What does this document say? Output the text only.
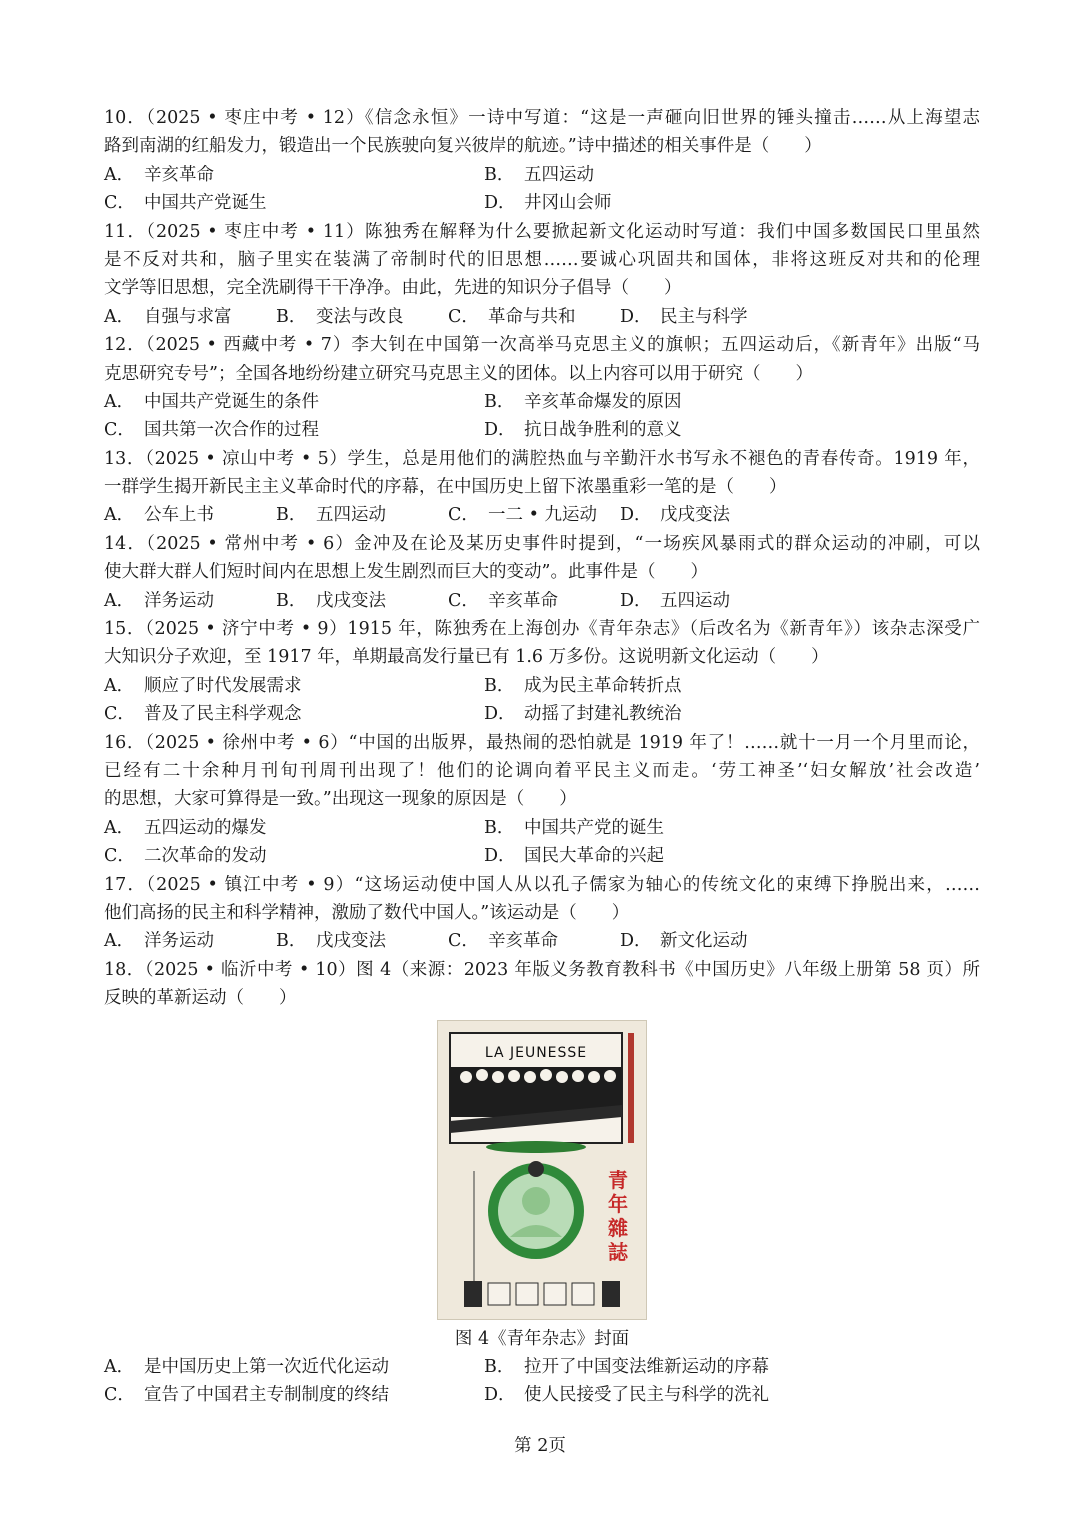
10．（2025 • 枣庄中考 • 12）《信念永恒》一诗中写道：“这是一声砸向旧世界的锤头撞击……从上海望志
路到南湖的红船发力，锻造出一个民族驶向复兴彼岸的航迹。”诗中描述的相关事件是（　　）
A． 辛亥革命	B． 五四运动
C． 中国共产党诞生	D． 井冈山会师
11．（2025 • 枣庄中考 • 11）陈独秀在解释为什么要掀起新文化运动时写道：我们中国多数国民口里虽然
是不反对共和，脑子里实在装满了帝制时代的旧思想……要诚心巩固共和国体，非将这班反对共和的伦理
文学等旧思想，完全洗刷得干干净净。由此，先进的知识分子倡导（　　）
A． 自强与求富	B． 变法与改良	C． 革命与共和	D． 民主与科学
12．（2025 • 西藏中考 • 7）李大钊在中国第一次高举马克思主义的旗帜；五四运动后，《新青年》出版“马
克思研究专号”；全国各地纷纷建立研究马克思主义的团体。以上内容可以用于研究（　　）
A． 中国共产党诞生的条件	B． 辛亥革命爆发的原因
C． 国共第一次合作的过程	D． 抗日战争胜利的意义
13．（2025 • 凉山中考 • 5）学生，总是用他们的满腔热血与辛勤汗水书写永不褪色的青春传奇。1919 年，
一群学生揭开新民主主义革命时代的序幕，在中国历史上留下浓墨重彩一笔的是（　　）
A． 公车上书	B． 五四运动	C． 一二 • 九运动	D． 戊戌变法
14．（2025 • 常州中考 • 6）金冲及在论及某历史事件时提到，“一场疾风暴雨式的群众运动的冲刷，可以
使大群大群人们短时间内在思想上发生剧烈而巨大的变动”。此事件是（　　）
A． 洋务运动	B． 戊戌变法	C． 辛亥革命	D． 五四运动
15．（2025 • 济宁中考 • 9）1915 年，陈独秀在上海创办《青年杂志》（后改名为《新青年》）该杂志深受广
大知识分子欢迎，至 1917 年，单期最高发行量已有 1.6 万多份。这说明新文化运动（　　）
A． 顺应了时代发展需求	B． 成为民主革命转折点
C． 普及了民主科学观念	D． 动摇了封建礼教统治
16．（2025 • 徐州中考 • 6）“中国的出版界，最热闹的恐怕就是 1919 年了！……就十一月一个月里而论，
已经有二十余种月刊旬刊周刊出现了！他们的论调向着平民主义而走。‘劳工神圣’‘妇女解放’社会改造’
的思想，大家可算得是一致。”出现这一现象的原因是（　　）
A． 五四运动的爆发	B． 中国共产党的诞生
C． 二次革命的发动	D． 国民大革命的兴起
17．（2025 • 镇江中考 • 9）“这场运动使中国人从以孔子儒家为轴心的传统文化的束缚下挣脱出来，……
他们高扬的民主和科学精神，激励了数代中国人。”该运动是（　　）
A． 洋务运动	B． 戊戌变法	C． 辛亥革命	D． 新文化运动
18．（2025 • 临沂中考 • 10）图 4（来源：2023 年版义务教育教科书《中国历史》八年级上册第 58 页）所
反映的革新运动（　　）
LA JEUNESSE
青
年
雜
誌
图 4《青年杂志》封面
A． 是中国历史上第一次近代化运动	B． 拉开了中国变法维新运动的序幕
C． 宣告了中国君主专制制度的终结	D． 使人民接受了民主与科学的洗礼
第 2页
